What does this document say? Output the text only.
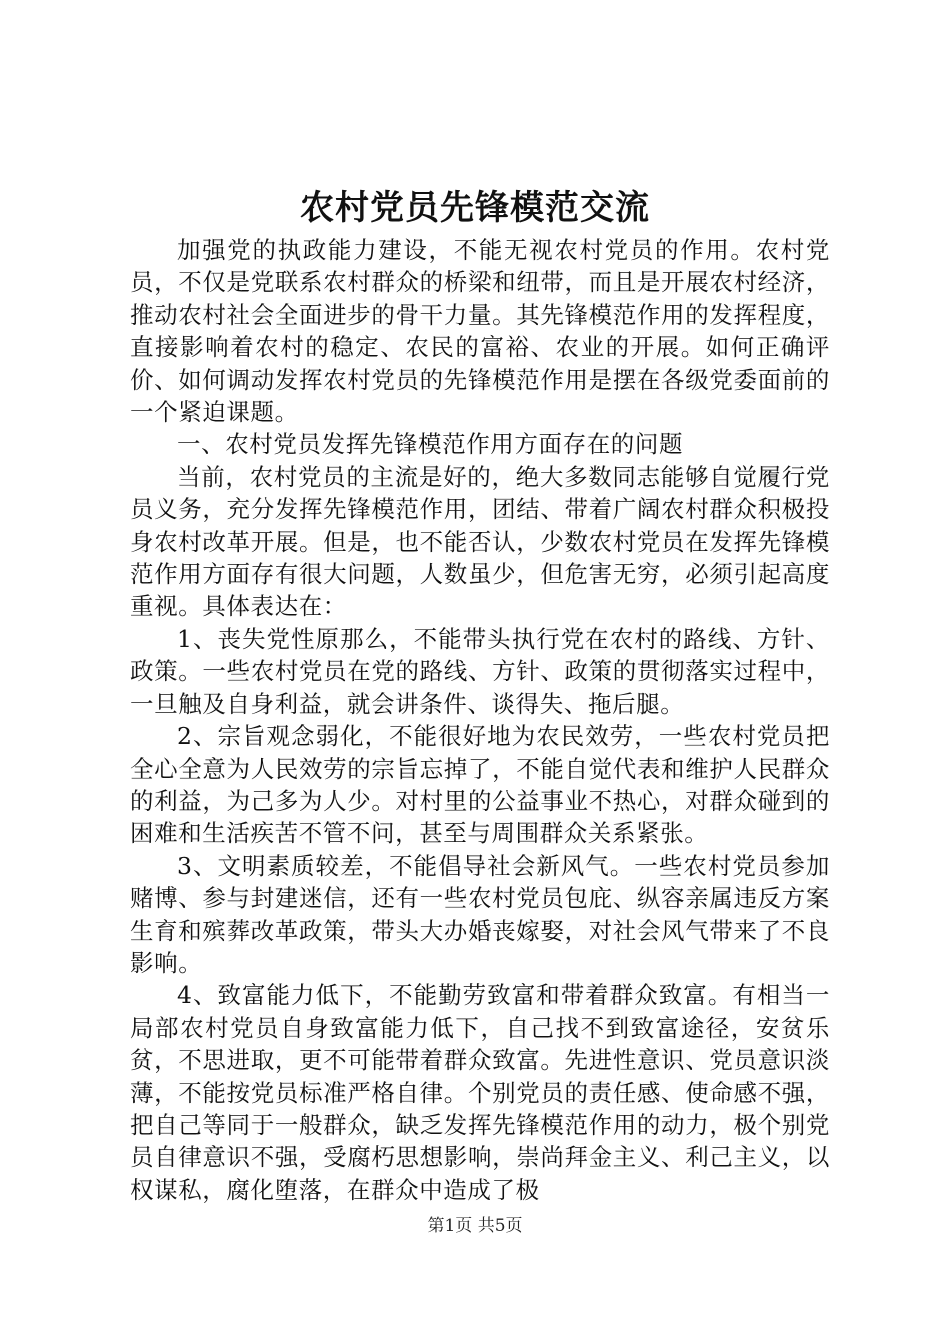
农村党员先锋模范交流

加强党的执政能力建设，不能无视农村党员的作用。农村党员，不仅是党联系农村群众的桥梁和纽带，而且是开展农村经济，推动农村社会全面进步的骨干力量。其先锋模范作用的发挥程度，直接影响着农村的稳定、农民的富裕、农业的开展。如何正确评价、如何调动发挥农村党员的先锋模范作用是摆在各级党委面前的一个紧迫课题。

一、农村党员发挥先锋模范作用方面存在的问题

当前，农村党员的主流是好的，绝大多数同志能够自觉履行党员义务，充分发挥先锋模范作用，团结、带着广阔农村群众积极投身农村改革开展。但是，也不能否认，少数农村党员在发挥先锋模范作用方面存有很大问题，人数虽少，但危害无穷，必须引起高度重视。具体表达在：

1、丧失党性原那么，不能带头执行党在农村的路线、方针、政策。一些农村党员在党的路线、方针、政策的贯彻落实过程中，一旦触及自身利益，就会讲条件、谈得失、拖后腿。

2、宗旨观念弱化，不能很好地为农民效劳，一些农村党员把全心全意为人民效劳的宗旨忘掉了，不能自觉代表和维护人民群众的利益，为己多为人少。对村里的公益事业不热心，对群众碰到的困难和生活疾苦不管不问，甚至与周围群众关系紧张。

3、文明素质较差，不能倡导社会新风气。一些农村党员参加赌博、参与封建迷信，还有一些农村党员包庇、纵容亲属违反方案生育和殡葬改革政策，带头大办婚丧嫁娶，对社会风气带来了不良影响。

4、致富能力低下，不能勤劳致富和带着群众致富。有相当一局部农村党员自身致富能力低下，自己找不到致富途径，安贫乐贫，不思进取，更不可能带着群众致富。先进性意识、党员意识淡薄，不能按党员标准严格自律。个别党员的责任感、使命感不强，把自己等同于一般群众，缺乏发挥先锋模范作用的动力，极个别党员自律意识不强，受腐朽思想影响，崇尚拜金主义、利己主义，以权谋私，腐化堕落，在群众中造成了极

第1页 共5页
